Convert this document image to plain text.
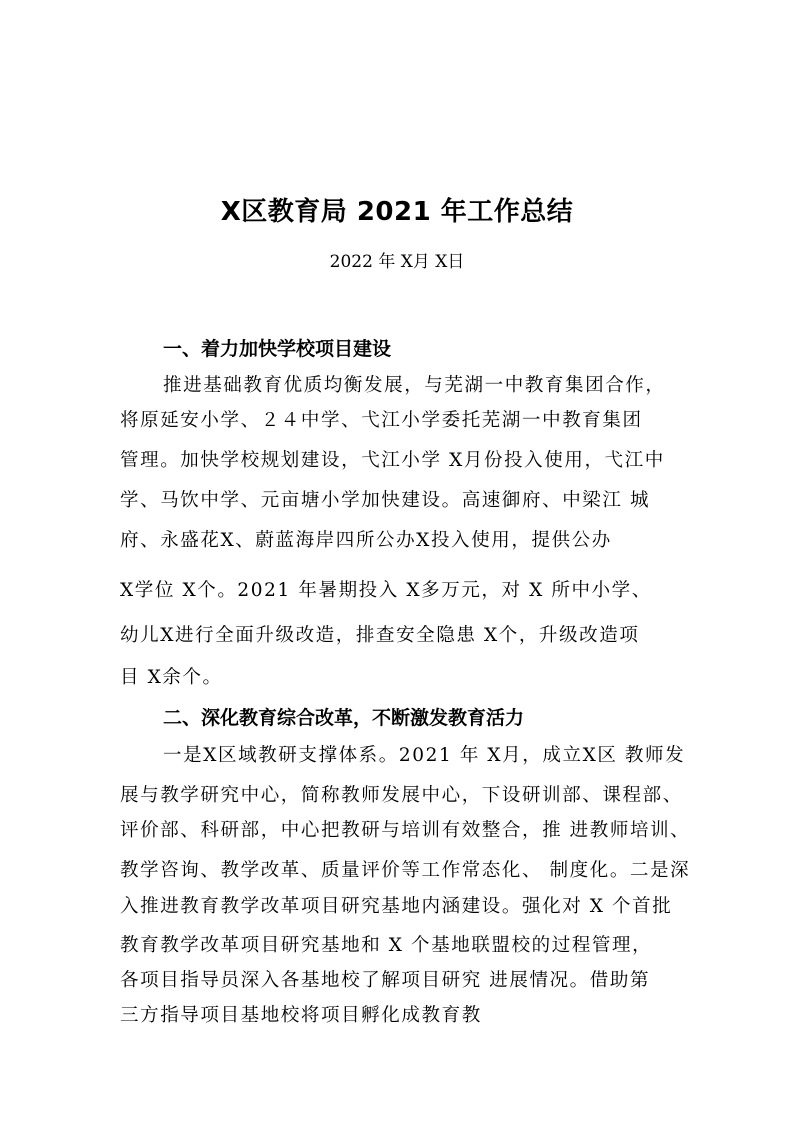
X区教育局 2021 年工作总结
2022 年 X月 X日
一、着力加快学校项目建设
推进基础教育优质均衡发展，与芜湖一中教育集团合作，
将原延安小学、２４中学、弋江小学委托芜湖一中教育集团
管理。加快学校规划建设，弋江小学 X月份投入使用，弋江中
学、马饮中学、元亩塘小学加快建设。高速御府、中梁江 城
府、永盛花X、蔚蓝海岸四所公办X投入使用，提供公办
X学位 X个。2021 年暑期投入 X多万元，对 X 所中小学、
幼儿X进行全面升级改造，排查安全隐患 X个，升级改造项
目 X余个。
二、深化教育综合改革，不断激发教育活力
一是X区域教研支撑体系。2021 年 X月，成立X区 教师发
展与教学研究中心，简称教师发展中心，下设研训部、课程部、
评价部、科研部，中心把教研与培训有效整合，推 进教师培训、
教学咨询、教学改革、质量评价等工作常态化、 制度化。二是深
入推进教育教学改革项目研究基地内涵建设。强化对 X 个首批
教育教学改革项目研究基地和 X 个基地联盟校的过程管理，
各项目指导员深入各基地校了解项目研究 进展情况。借助第
三方指导项目基地校将项目孵化成教育教
